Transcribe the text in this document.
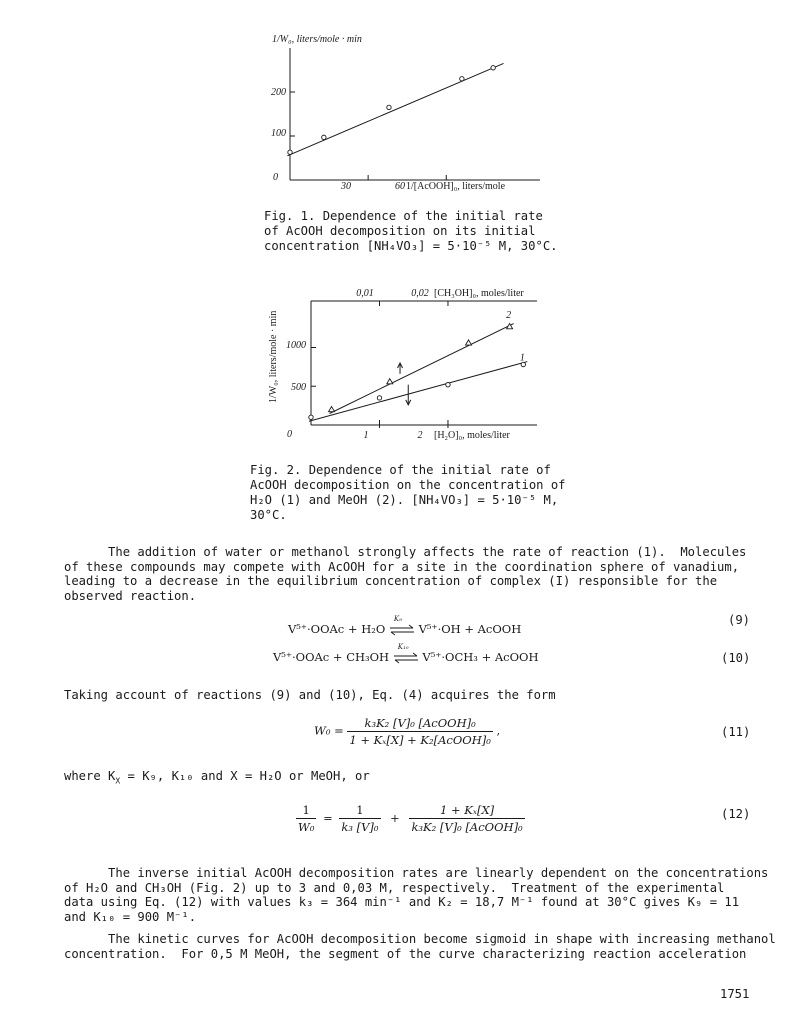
1/W₀, liters/mole · min
0
100
200
30	60 1/[AcOOH]₀, liters/mole
Fig. 1. Dependence of the initial rate
of AcOOH decomposition on its initial
concentration [NH₄VO₃] = 5·10⁻⁵ M, 30°C.
1/W₀, liters/mole · min
0
500
1000
1	2 [H₂O]₀, moles/liter
0,01	0,02 [CH₃OH]₀, moles/liter
1
2
Fig. 2. Dependence of the initial rate of
AcOOH decomposition on the concentration of
H₂O (1) and MeOH (2). [NH₄VO₃] = 5·10⁻⁵ M,
30°C.
The addition of water or methanol strongly affects the rate of reaction (1).  Molecules
of these compounds may compete with AcOOH for a site in the coordination sphere of vanadium,
leading to a decrease in the equilibrium concentration of complex (I) responsible for the
observed reaction.
V⁵⁺·OOAc + H₂O
K₉
V⁵⁺·OH + AcOOH
(9)
V⁵⁺·OOAc + CH₃OH
K₁₀
V⁵⁺·OCH₃ + AcOOH	(10)
Taking account of reactions (9) and (10), Eq. (4) acquires the form
$W_0 = \frac{\text{k₃K₂ [V]₀ [AcOOH]₀}}{\text{1 + Kₓ[X] + K₂[AcOOH]₀}}$ ,	(11)
where $K_X = K_9$, K₁₀ and X = H₂O or MeOH, or
$\frac{1}{\text{W₀}} = \frac{1}{\text{k₃ [V]₀}} + \frac{\text{1 + Kₓ[X]}}{\text{k₃K₂ [V]₀ [AcOOH]₀}}$	(12)
The inverse initial AcOOH decomposition rates are linearly dependent on the concentrations
of H₂O and CH₃OH (Fig. 2) up to 3 and 0,03 M, respectively.  Treatment of the experimental
data using Eq. (12) with values k₃ = 364 min⁻¹ and K₂ = 18,7 M⁻¹ found at 30°C gives K₉ = 11
and K₁₀ = 900 M⁻¹.
The kinetic curves for AcOOH decomposition become sigmoid in shape with increasing methanol
concentration.  For 0,5 M MeOH, the segment of the curve characterizing reaction acceleration
1751
